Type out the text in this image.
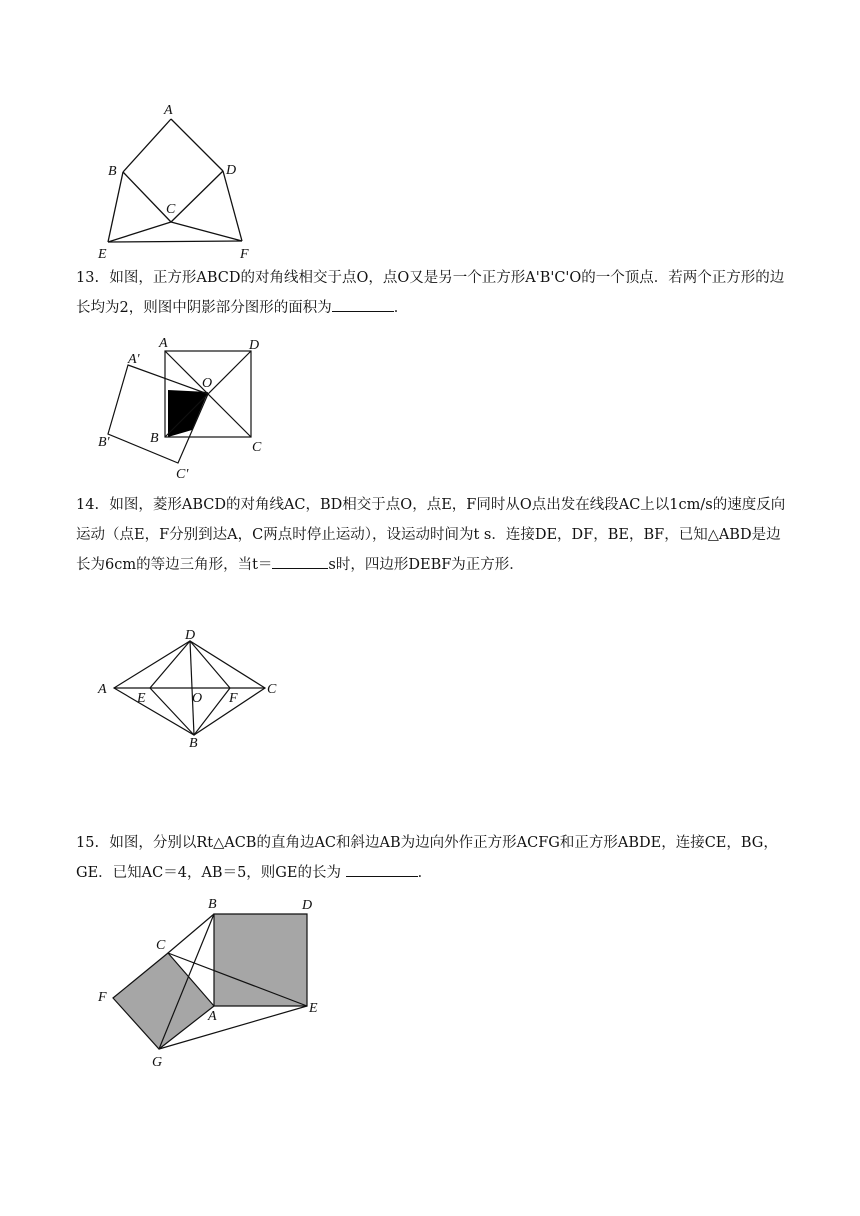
A
B	D
C
E	F
13. 如图，正方形ABCD的对角线相交于点O，点O又是另一个正方形A'B'C'O的一个顶点．若两个正方形的边长均为2，则图中阴影部分图形的面积为	．
A'
A	D
O
B'	B
C
C'
14. 如图，菱形ABCD的对角线AC，BD相交于点O，点E，F同时从O点出发在线段AC上以1cm/s的速度反向运动（点E，F分别到达A，C两点时停止运动），设运动时间为t s．连接DE，DF，BE，BF，已知△ABD是边长为6cm的等边三角形，当t＝	s时，四边形DEBF为正方形．
A
D
C
B
E	O F
15. 如图，分别以Rt△ACB的直角边AC和斜边AB为边向外作正方形ACFG和正方形ABDE，连接CE，BG，GE．已知AC＝4，AB＝5，则GE的长为	．
B	D
C
F
A
E
G
